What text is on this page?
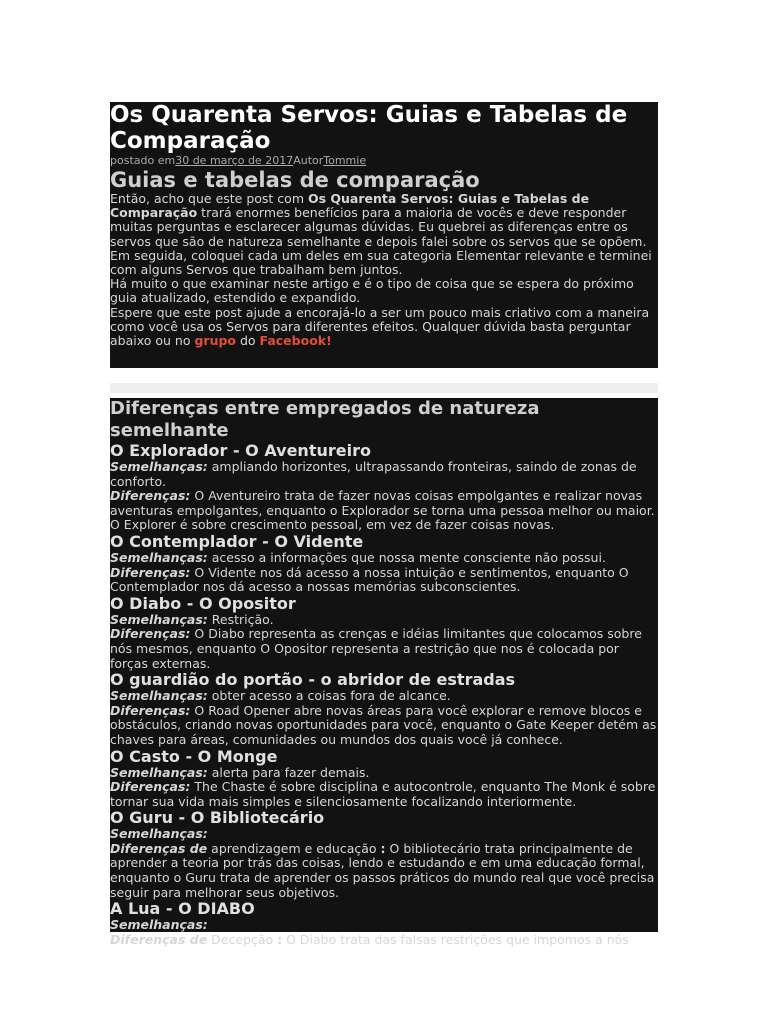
Os Quarenta Servos: Guias e Tabelas de Comparação
postado em30 de março de 2017AutorTommie
Guias e tabelas de comparação

Então, acho que este post com Os Quarenta Servos: Guias e Tabelas de Comparação trará enormes benefícios para a maioria de vocês e deve responder muitas perguntas e esclarecer algumas dúvidas. Eu quebrei as diferenças entre os servos que são de natureza semelhante e depois falei sobre os servos que se opõem. Em seguida, coloquei cada um deles em sua categoria Elementar relevante e terminei com alguns Servos que trabalham bem juntos.

Há muito o que examinar neste artigo e é o tipo de coisa que se espera do próximo guia atualizado, estendido e expandido.

Espere que este post ajude a encorajá-lo a ser um pouco mais criativo com a maneira como você usa os Servos para diferentes efeitos. Qualquer dúvida basta perguntar abaixo ou no grupo do Facebook!

Diferenças entre empregados de natureza semelhante
O Explorador - O Aventureiro

Semelhanças: ampliando horizontes, ultrapassando fronteiras, saindo de zonas de conforto.

Diferenças: O Aventureiro trata de fazer novas coisas empolgantes e realizar novas aventuras empolgantes, enquanto o Explorador se torna uma pessoa melhor ou maior. O Explorer é sobre crescimento pessoal, em vez de fazer coisas novas.

O Contemplador - O Vidente

Semelhanças: acesso a informações que nossa mente consciente não possui.

Diferenças: O Vidente nos dá acesso a nossa intuição e sentimentos, enquanto O Contemplador nos dá acesso a nossas memórias subconscientes.

O Diabo - O Opositor

Semelhanças: Restrição.

Diferenças: O Diabo representa as crenças e idéias limitantes que colocamos sobre nós mesmos, enquanto O Opositor representa a restrição que nos é colocada por forças externas.

O guardião do portão - o abridor de estradas

Semelhanças: obter acesso a coisas fora de alcance.

Diferenças: O Road Opener abre novas áreas para você explorar e remove blocos e obstáculos, criando novas oportunidades para você, enquanto o Gate Keeper detém as chaves para áreas, comunidades ou mundos dos quais você já conhece.

O Casto - O Monge

Semelhanças: alerta para fazer demais.

Diferenças: The Chaste é sobre disciplina e autocontrole, enquanto The Monk é sobre tornar sua vida mais simples e silenciosamente focalizando interiormente.

O Guru - O Bibliotecário

Semelhanças:

Diferenças de aprendizagem e educação : O bibliotecário trata principalmente de aprender a teoria por trás das coisas, lendo e estudando e em uma educação formal, enquanto o Guru trata de aprender os passos práticos do mundo real que você precisa seguir para melhorar seus objetivos.

A Lua - O DIABO

Semelhanças:

Diferenças de Decepção : O Diabo trata das falsas restrições que impomos a nós
